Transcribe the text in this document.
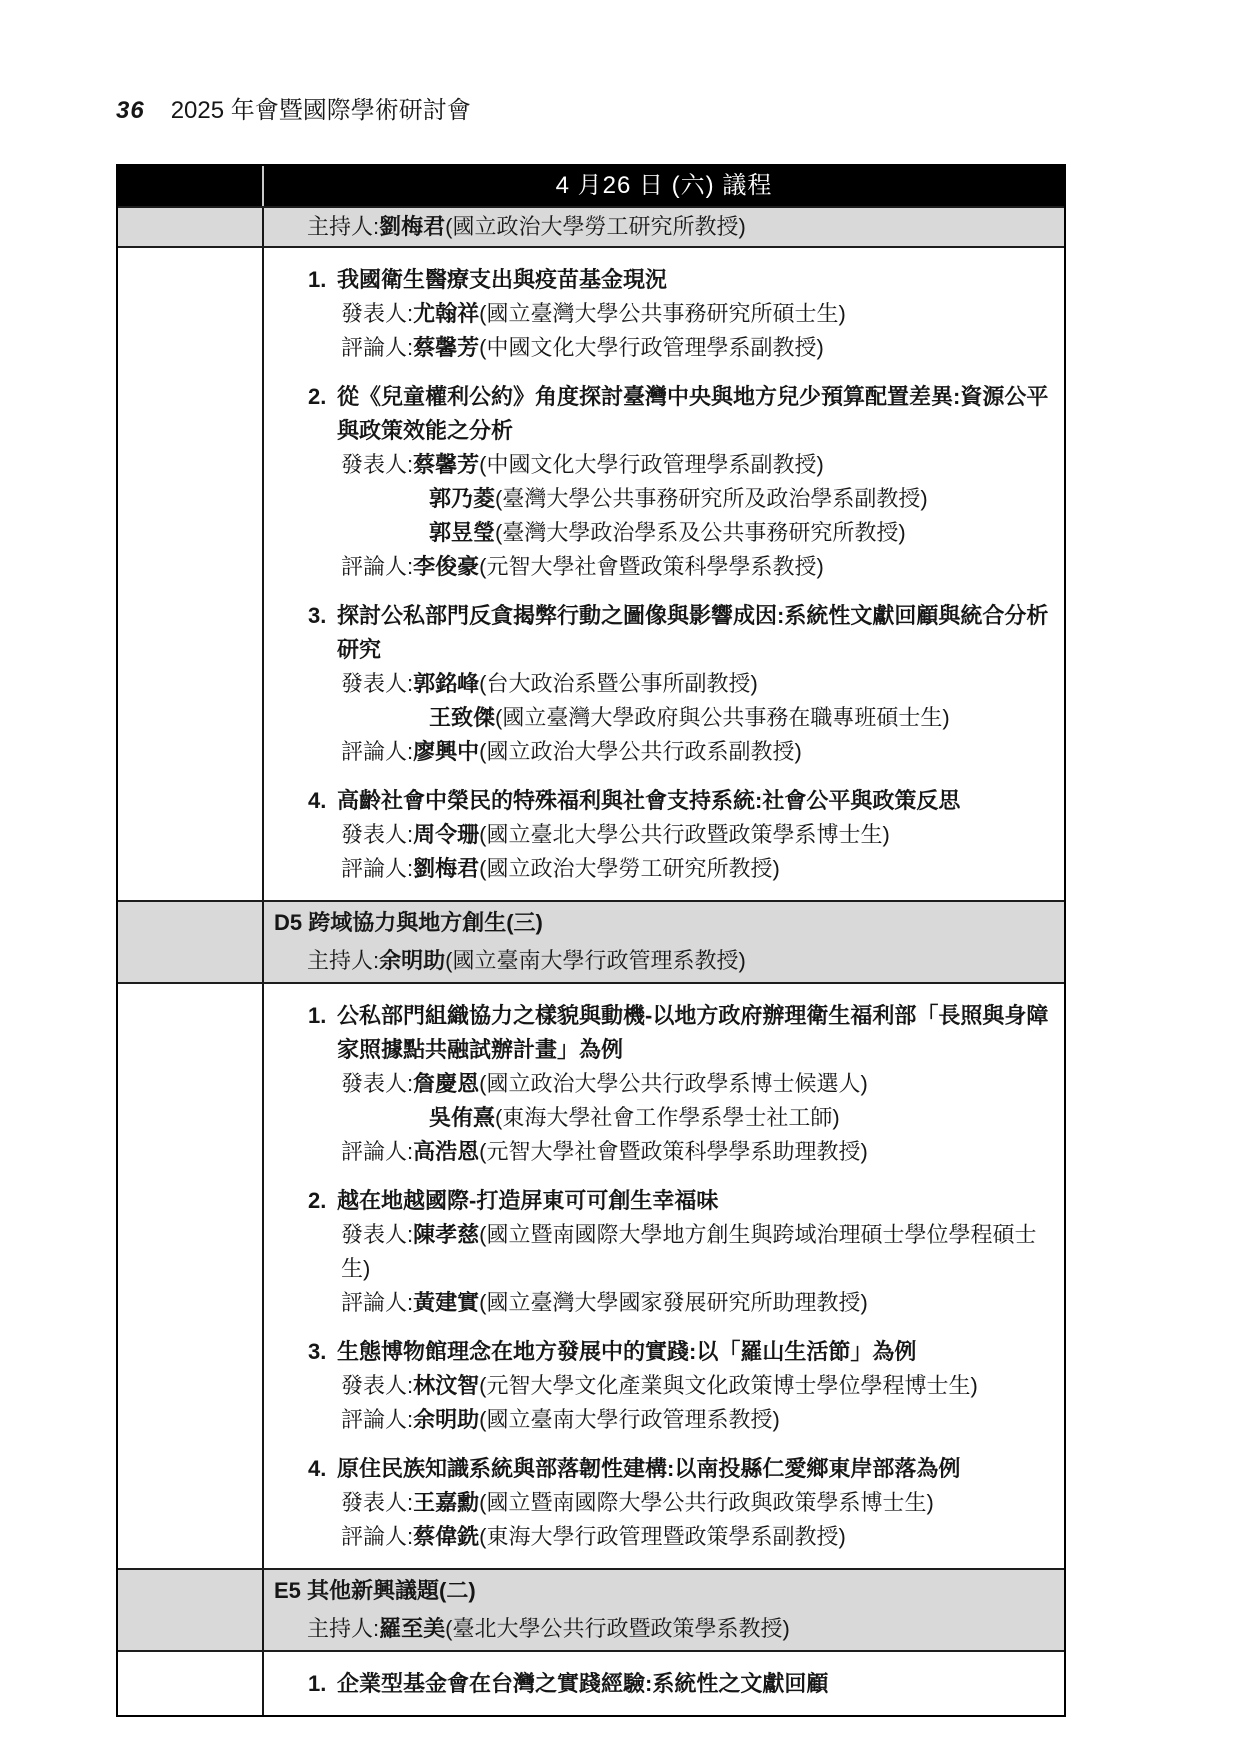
36 2025 年會暨國際學術研討會
4 月26 日 (六) 議程
主持人:劉梅君(國立政治大學勞工研究所教授)
1. 我國衛生醫療支出與疫苗基金現況
發表人:尤翰祥(國立臺灣大學公共事務研究所碩士生)
評論人:蔡馨芳(中國文化大學行政管理學系副教授)
2. 從《兒童權利公約》角度探討臺灣中央與地方兒少預算配置差異:資源公平與政策效能之分析
發表人:蔡馨芳(中國文化大學行政管理學系副教授)
郭乃菱(臺灣大學公共事務研究所及政治學系副教授)
郭昱瑩(臺灣大學政治學系及公共事務研究所教授)
評論人:李俊豪(元智大學社會暨政策科學學系教授)
3. 探討公私部門反貪揭弊行動之圖像與影響成因:系統性文獻回顧與統合分析研究
發表人:郭銘峰(台大政治系暨公事所副教授)
王致傑(國立臺灣大學政府與公共事務在職專班碩士生)
評論人:廖興中(國立政治大學公共行政系副教授)
4. 高齡社會中榮民的特殊福利與社會支持系統:社會公平與政策反思
發表人:周令珊(國立臺北大學公共行政暨政策學系博士生)
評論人:劉梅君(國立政治大學勞工研究所教授)
D5 跨域協力與地方創生(三)
主持人:余明助(國立臺南大學行政管理系教授)
1. 公私部門組織協力之樣貌與動機-以地方政府辦理衛生福利部「長照與身障家照據點共融試辦計畫」為例
發表人:詹慶恩(國立政治大學公共行政學系博士候選人)
吳侑熹(東海大學社會工作學系學士社工師)
評論人:高浩恩(元智大學社會暨政策科學學系助理教授)
2. 越在地越國際-打造屏東可可創生幸福味
發表人:陳孝慈(國立暨南國際大學地方創生與跨域治理碩士學位學程碩士生)
評論人:黃建實(國立臺灣大學國家發展研究所助理教授)
3. 生態博物館理念在地方發展中的實踐:以「羅山生活節」為例
發表人:林汶智(元智大學文化產業與文化政策博士學位學程博士生)
評論人:余明助(國立臺南大學行政管理系教授)
4. 原住民族知識系統與部落韌性建構:以南投縣仁愛鄉東岸部落為例
發表人:王嘉勳(國立暨南國際大學公共行政與政策學系博士生)
評論人:蔡偉銑(東海大學行政管理暨政策學系副教授)
E5 其他新興議題(二)
主持人:羅至美(臺北大學公共行政暨政策學系教授)
1. 企業型基金會在台灣之實踐經驗:系統性之文獻回顧
